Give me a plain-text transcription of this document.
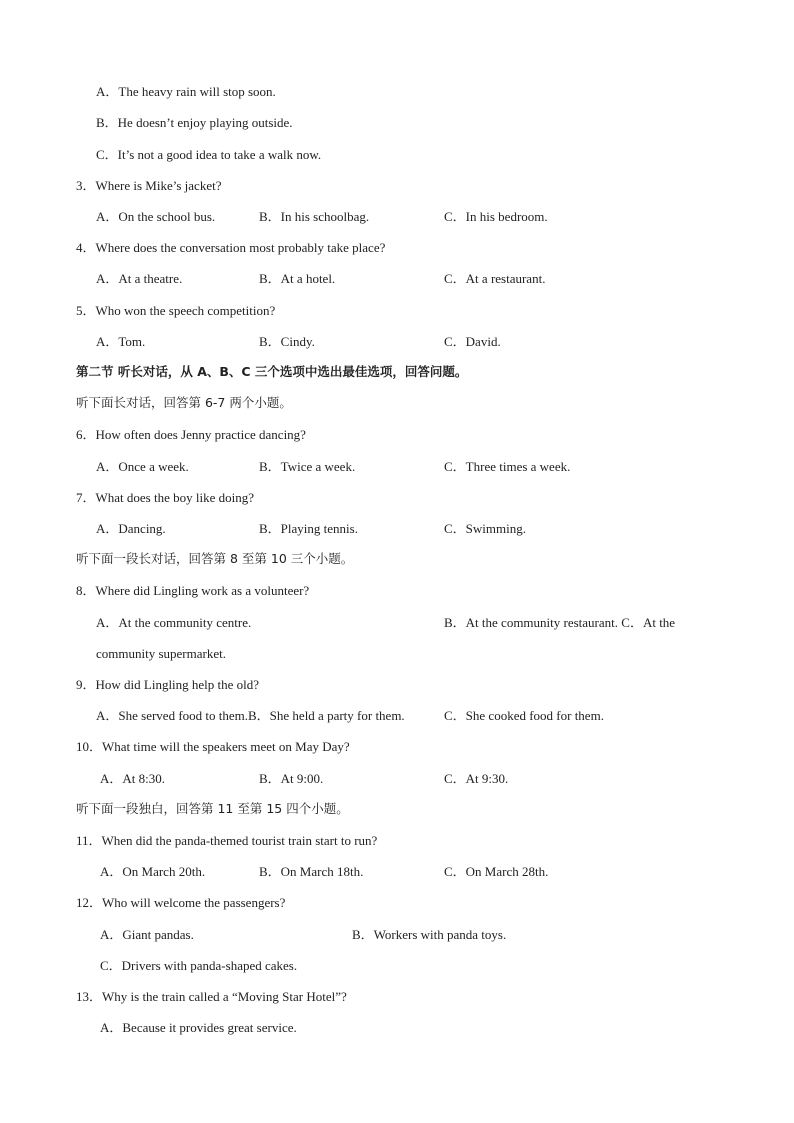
A．The heavy rain will stop soon.
B．He doesn’t enjoy playing outside.
C．It’s not a good idea to take a walk now.
3．Where is Mike’s jacket?
A．On the school bus.	B．In his schoolbag.	C．In his bedroom.
4．Where does the conversation most probably take place?
A．At a theatre.	B．At a hotel.	C．At a restaurant.
5．Who won the speech competition?
A．Tom.	B．Cindy.	C．David.
第二节 听长对话，从 A、B、C 三个选项中选出最佳选项，回答问题。
听下面长对话，回答第 6-7 两个小题。
6．How often does Jenny practice dancing?
A．Once a week.	B．Twice a week.	C．Three times a week.
7．What does the boy like doing?
A．Dancing.	B．Playing tennis.	C．Swimming.
听下面一段长对话，回答第 8 至第 10 三个小题。
8．Where did Lingling work as a volunteer?
A．At the community centre.	B．At the community restaurant. C．At the
community supermarket.
9．How did Lingling help the old?
A．She served food to them.B．She held a party for them.	C．She cooked food for them.
10．What time will the speakers meet on May Day?
A．At 8:30.	B．At 9:00.	C．At 9:30.
听下面一段独白，回答第 11 至第 15 四个小题。
11．When did the panda-themed tourist train start to run?
A．On March 20th.	B．On March 18th.	C．On March 28th.
12．Who will welcome the passengers?
A．Giant pandas.	B．Workers with panda toys.
C．Drivers with panda-shaped cakes.
13．Why is the train called a “Moving Star Hotel”?
A．Because it provides great service.
